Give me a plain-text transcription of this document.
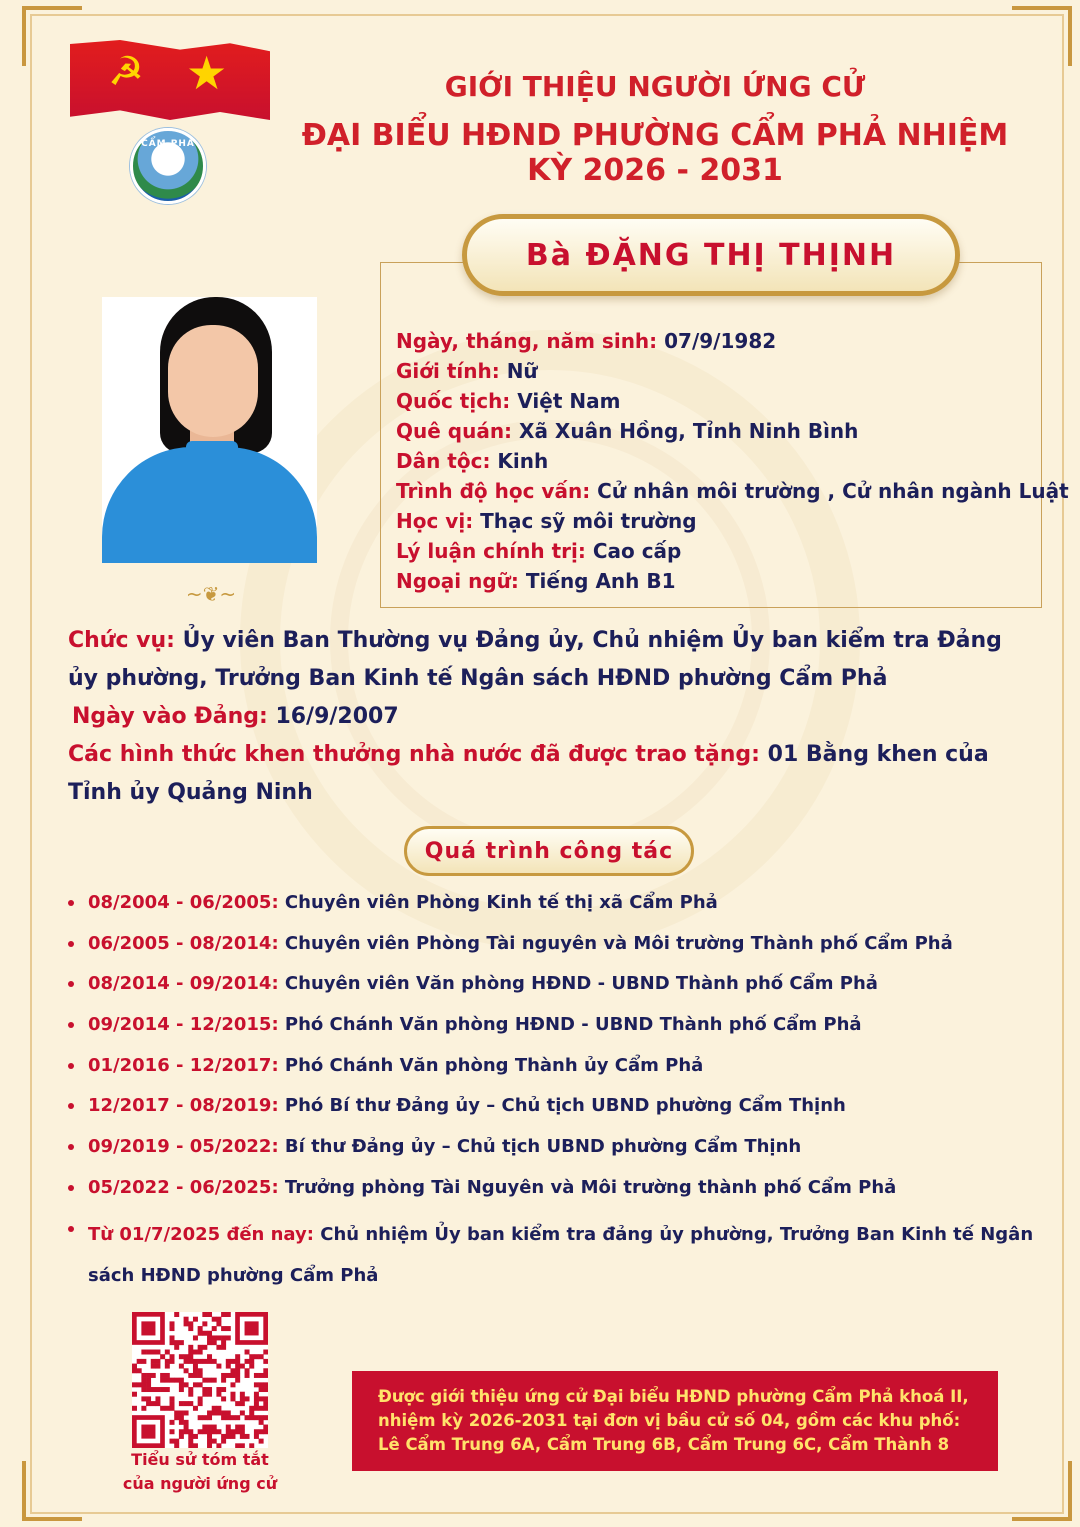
☭ ★
CẨM PHẢ
GIỚI THIỆU NGƯỜI ỨNG CỬ
ĐẠI BIỂU HĐND PHƯỜNG CẨM PHẢ NHIỆM KỲ 2026 - 2031
Bà ĐẶNG THỊ THỊNH
~❦~
Ngày, tháng, năm sinh: 07/9/1982
Giới tính: Nữ
Quốc tịch: Việt Nam
Quê quán: Xã Xuân Hồng, Tỉnh Ninh Bình
Dân tộc: Kinh
Trình độ học vấn: Cử nhân môi trường , Cử nhân ngành Luật
Học vị: Thạc sỹ môi trường
Lý luận chính trị: Cao cấp
Ngoại ngữ: Tiếng Anh B1
Chức vụ: Ủy viên Ban Thường vụ Đảng ủy, Chủ nhiệm Ủy ban kiểm tra Đảng ủy phường, Trưởng Ban Kinh tế Ngân sách HĐND phường Cẩm Phả
Ngày vào Đảng: 16/9/2007
Các hình thức khen thưởng nhà nước đã được trao tặng: 01 Bằng khen của Tỉnh ủy Quảng Ninh
Quá trình công tác
08/2004 - 06/2005: Chuyên viên Phòng Kinh tế thị xã Cẩm Phả
06/2005 - 08/2014: Chuyên viên Phòng Tài nguyên và Môi trường Thành phố Cẩm Phả
08/2014 - 09/2014: Chuyên viên Văn phòng HĐND - UBND Thành phố Cẩm Phả
09/2014 - 12/2015: Phó Chánh Văn phòng HĐND - UBND Thành phố Cẩm Phả
01/2016 - 12/2017: Phó Chánh Văn phòng Thành ủy Cẩm Phả
12/2017 - 08/2019: Phó Bí thư Đảng ủy – Chủ tịch UBND phường Cẩm Thịnh
09/2019 - 05/2022: Bí thư Đảng ủy – Chủ tịch UBND phường Cẩm Thịnh
05/2022 - 06/2025: Trưởng phòng Tài Nguyên và Môi trường thành phố Cẩm Phả
Từ 01/7/2025 đến nay: Chủ nhiệm Ủy ban kiểm tra đảng ủy phường, Trưởng Ban Kinh tế Ngân sách HĐND phường Cẩm Phả
Tiểu sử tóm tắt
của người ứng cử
Được giới thiệu ứng cử Đại biểu HĐND phường Cẩm Phả khoá II, nhiệm kỳ 2026-2031 tại đơn vị bầu cử số 04, gồm các khu phố: Lê Cẩm Trung 6A, Cẩm Trung 6B, Cẩm Trung 6C, Cẩm Thành 8
